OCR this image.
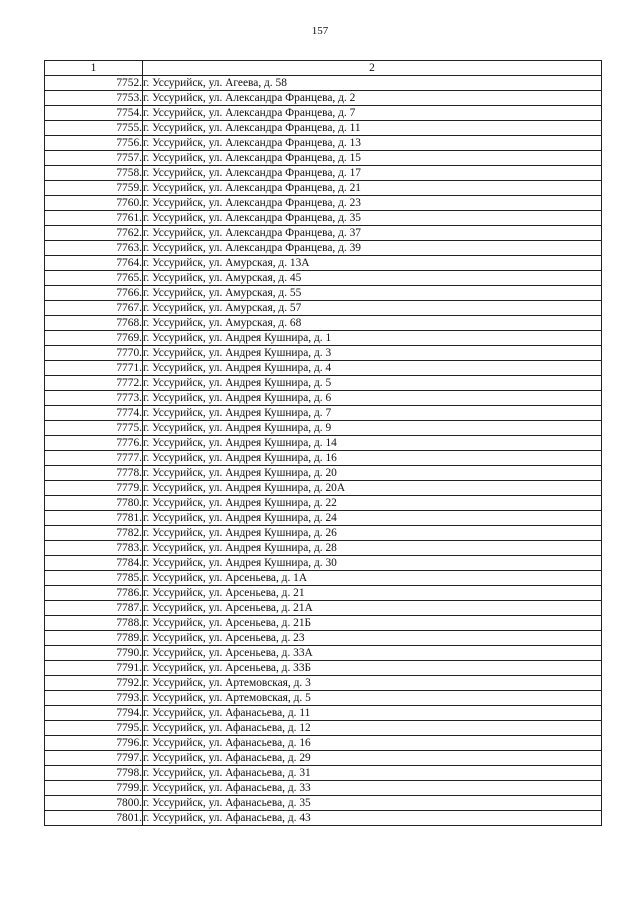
157
1	2
7752.	г. Уссурийск, ул. Агеева, д. 58
7753.	г. Уссурийск, ул. Александра Францева, д. 2
7754.	г. Уссурийск, ул. Александра Францева, д. 7
7755.	г. Уссурийск, ул. Александра Францева, д. 11
7756.	г. Уссурийск, ул. Александра Францева, д. 13
7757.	г. Уссурийск, ул. Александра Францева, д. 15
7758.	г. Уссурийск, ул. Александра Францева, д. 17
7759.	г. Уссурийск, ул. Александра Францева, д. 21
7760.	г. Уссурийск, ул. Александра Францева, д. 23
7761.	г. Уссурийск, ул. Александра Францева, д. 35
7762.	г. Уссурийск, ул. Александра Францева, д. 37
7763.	г. Уссурийск, ул. Александра Францева, д. 39
7764.	г. Уссурийск, ул. Амурская, д. 13А
7765.	г. Уссурийск, ул. Амурская, д. 45
7766.	г. Уссурийск, ул. Амурская, д. 55
7767.	г. Уссурийск, ул. Амурская, д. 57
7768.	г. Уссурийск, ул. Амурская, д. 68
7769.	г. Уссурийск, ул. Андрея Кушнира, д. 1
7770.	г. Уссурийск, ул. Андрея Кушнира, д. 3
7771.	г. Уссурийск, ул. Андрея Кушнира, д. 4
7772.	г. Уссурийск, ул. Андрея Кушнира, д. 5
7773.	г. Уссурийск, ул. Андрея Кушнира, д. 6
7774.	г. Уссурийск, ул. Андрея Кушнира, д. 7
7775.	г. Уссурийск, ул. Андрея Кушнира, д. 9
7776.	г. Уссурийск, ул. Андрея Кушнира, д. 14
7777.	г. Уссурийск, ул. Андрея Кушнира, д. 16
7778.	г. Уссурийск, ул. Андрея Кушнира, д. 20
7779.	г. Уссурийск, ул. Андрея Кушнира, д. 20А
7780.	г. Уссурийск, ул. Андрея Кушнира, д. 22
7781.	г. Уссурийск, ул. Андрея Кушнира, д. 24
7782.	г. Уссурийск, ул. Андрея Кушнира, д. 26
7783.	г. Уссурийск, ул. Андрея Кушнира, д. 28
7784.	г. Уссурийск, ул. Андрея Кушнира, д. 30
7785.	г. Уссурийск, ул. Арсеньева, д. 1А
7786.	г. Уссурийск, ул. Арсеньева, д. 21
7787.	г. Уссурийск, ул. Арсеньева, д. 21А
7788.	г. Уссурийск, ул. Арсеньева, д. 21Б
7789.	г. Уссурийск, ул. Арсеньева, д. 23
7790.	г. Уссурийск, ул. Арсеньева, д. 33А
7791.	г. Уссурийск, ул. Арсеньева, д. 33Б
7792.	г. Уссурийск, ул. Артемовская, д. 3
7793.	г. Уссурийск, ул. Артемовская, д. 5
7794.	г. Уссурийск, ул. Афанасьева, д. 11
7795.	г. Уссурийск, ул. Афанасьева, д. 12
7796.	г. Уссурийск, ул. Афанасьева, д. 16
7797.	г. Уссурийск, ул. Афанасьева, д. 29
7798.	г. Уссурийск, ул. Афанасьева, д. 31
7799.	г. Уссурийск, ул. Афанасьева, д. 33
7800.	г. Уссурийск, ул. Афанасьева, д. 35
7801.	г. Уссурийск, ул. Афанасьева, д. 43
